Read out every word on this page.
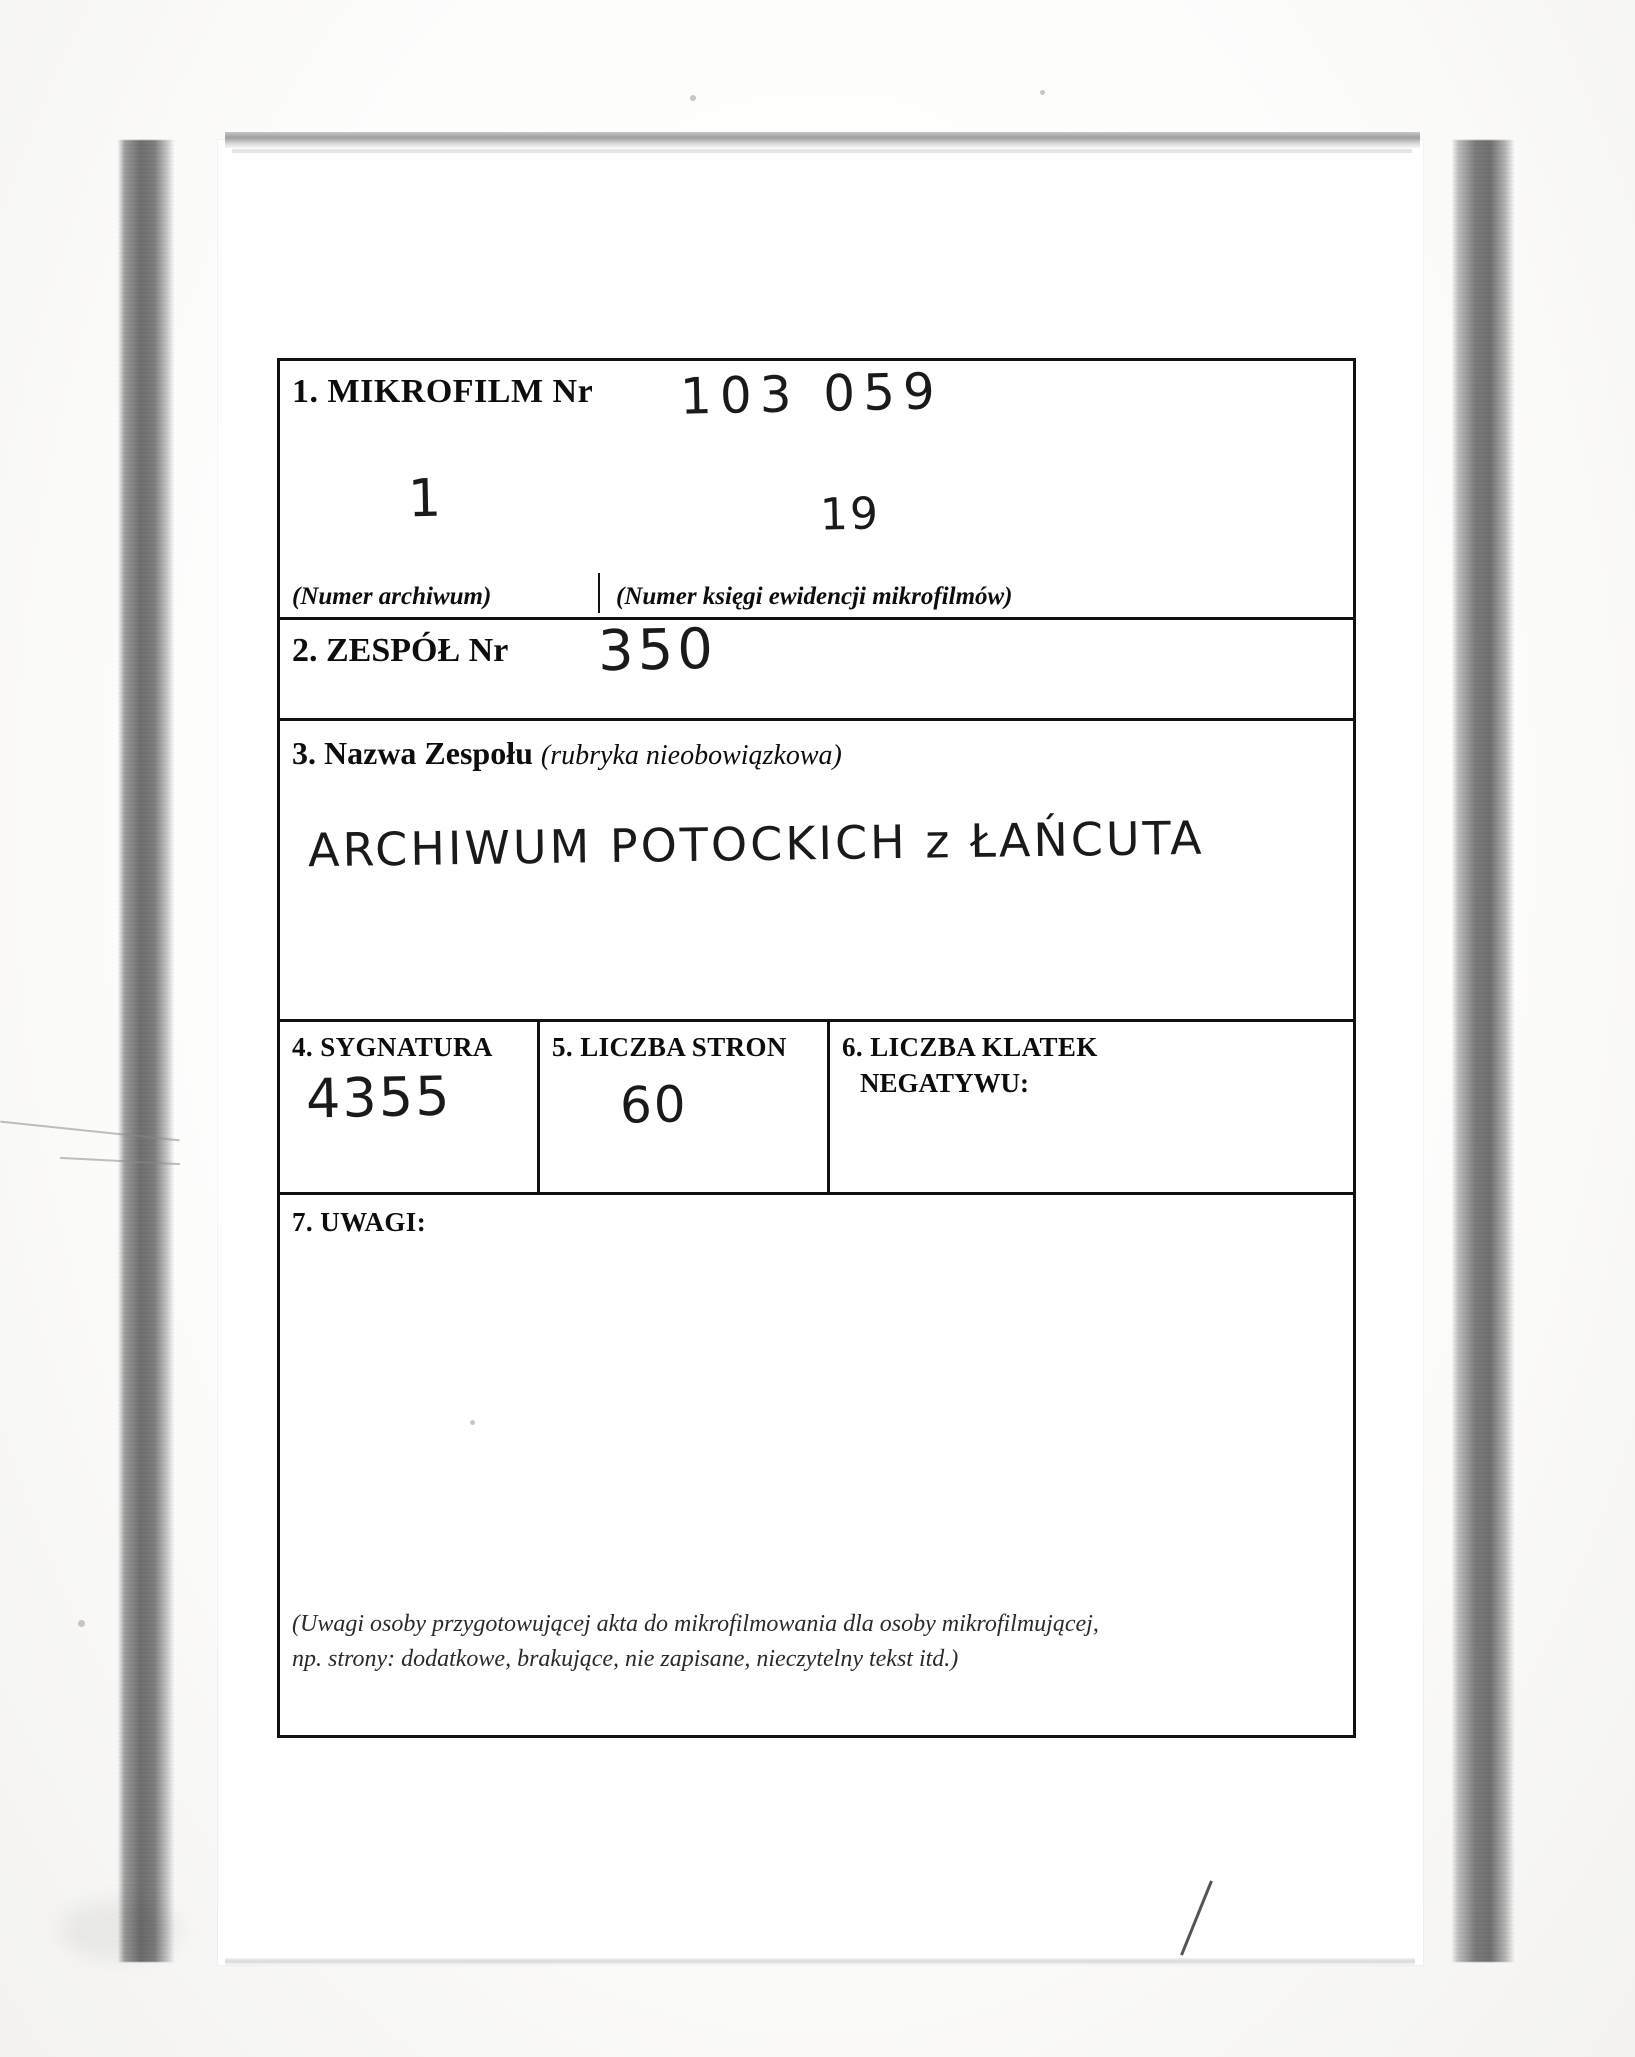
1. MIKROFILM Nr 103 059
1	19
(Numer archiwum)	(Numer księgi ewidencji mikrofilmów)
2. ZESPÓŁ Nr 350
3. Nazwa Zespołu (rubryka nieobowiązkowa)
ARCHIWUM POTOCKICH z ŁAŃCUTA
4. SYGNATURA
4355
5. LICZBA STRON
60
6. LICZBA KLATEK
NEGATYWU:
7. UWAGI:
(Uwagi osoby przygotowującej akta do mikrofilmowania dla osoby mikrofilmującej,
np. strony: dodatkowe, brakujące, nie zapisane, nieczytelny tekst itd.)
